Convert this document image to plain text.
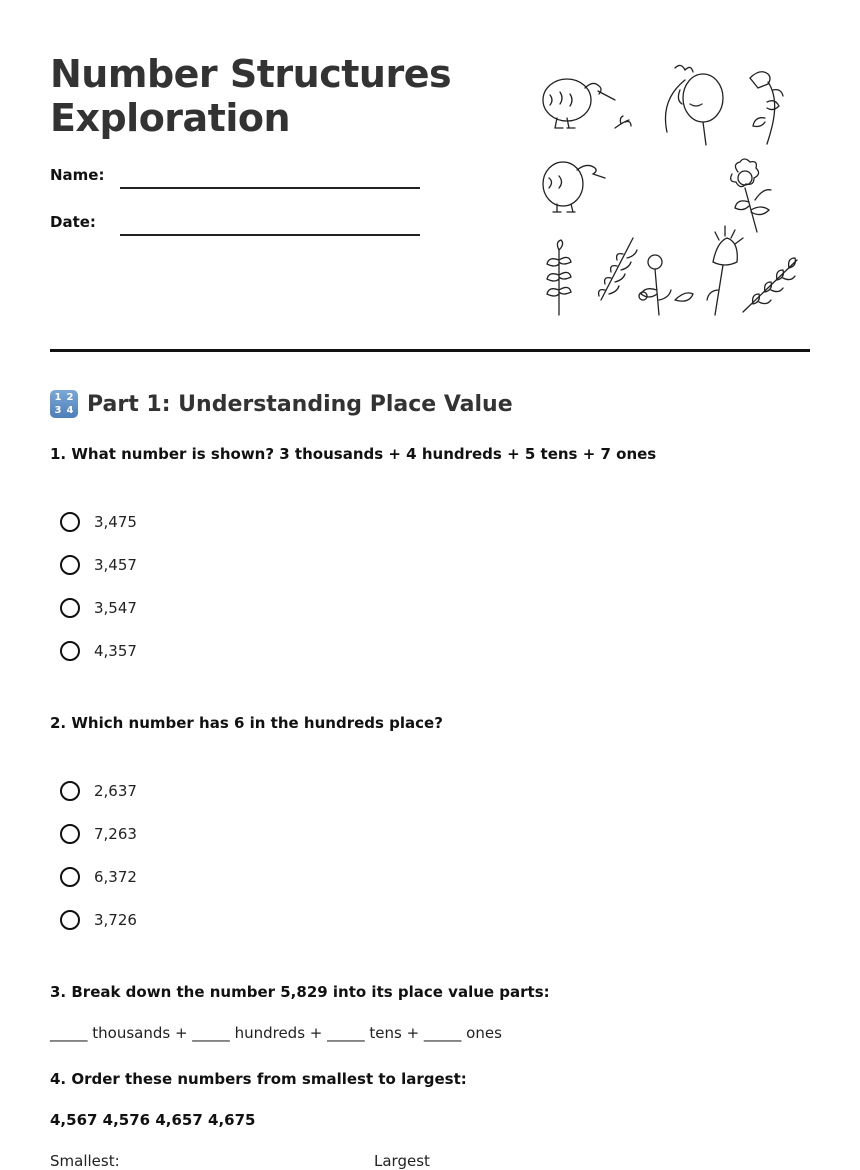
Number Structures
Exploration
Name:
Date:
1 2
3 4 Part 1: Understanding Place Value

1. What number is shown? 3 thousands + 4 hundreds + 5 tens + 7 ones

3,475
3,457
3,547
4,357

2. Which number has 6 in the hundreds place?

2,637
7,263
6,372
3,726

3. Break down the number 5,829 into its place value parts:

_____ thousands + _____ hundreds + _____ tens + _____ ones

4. Order these numbers from smallest to largest:

4,567 4,576 4,657 4,675
Smallest:	Largest
